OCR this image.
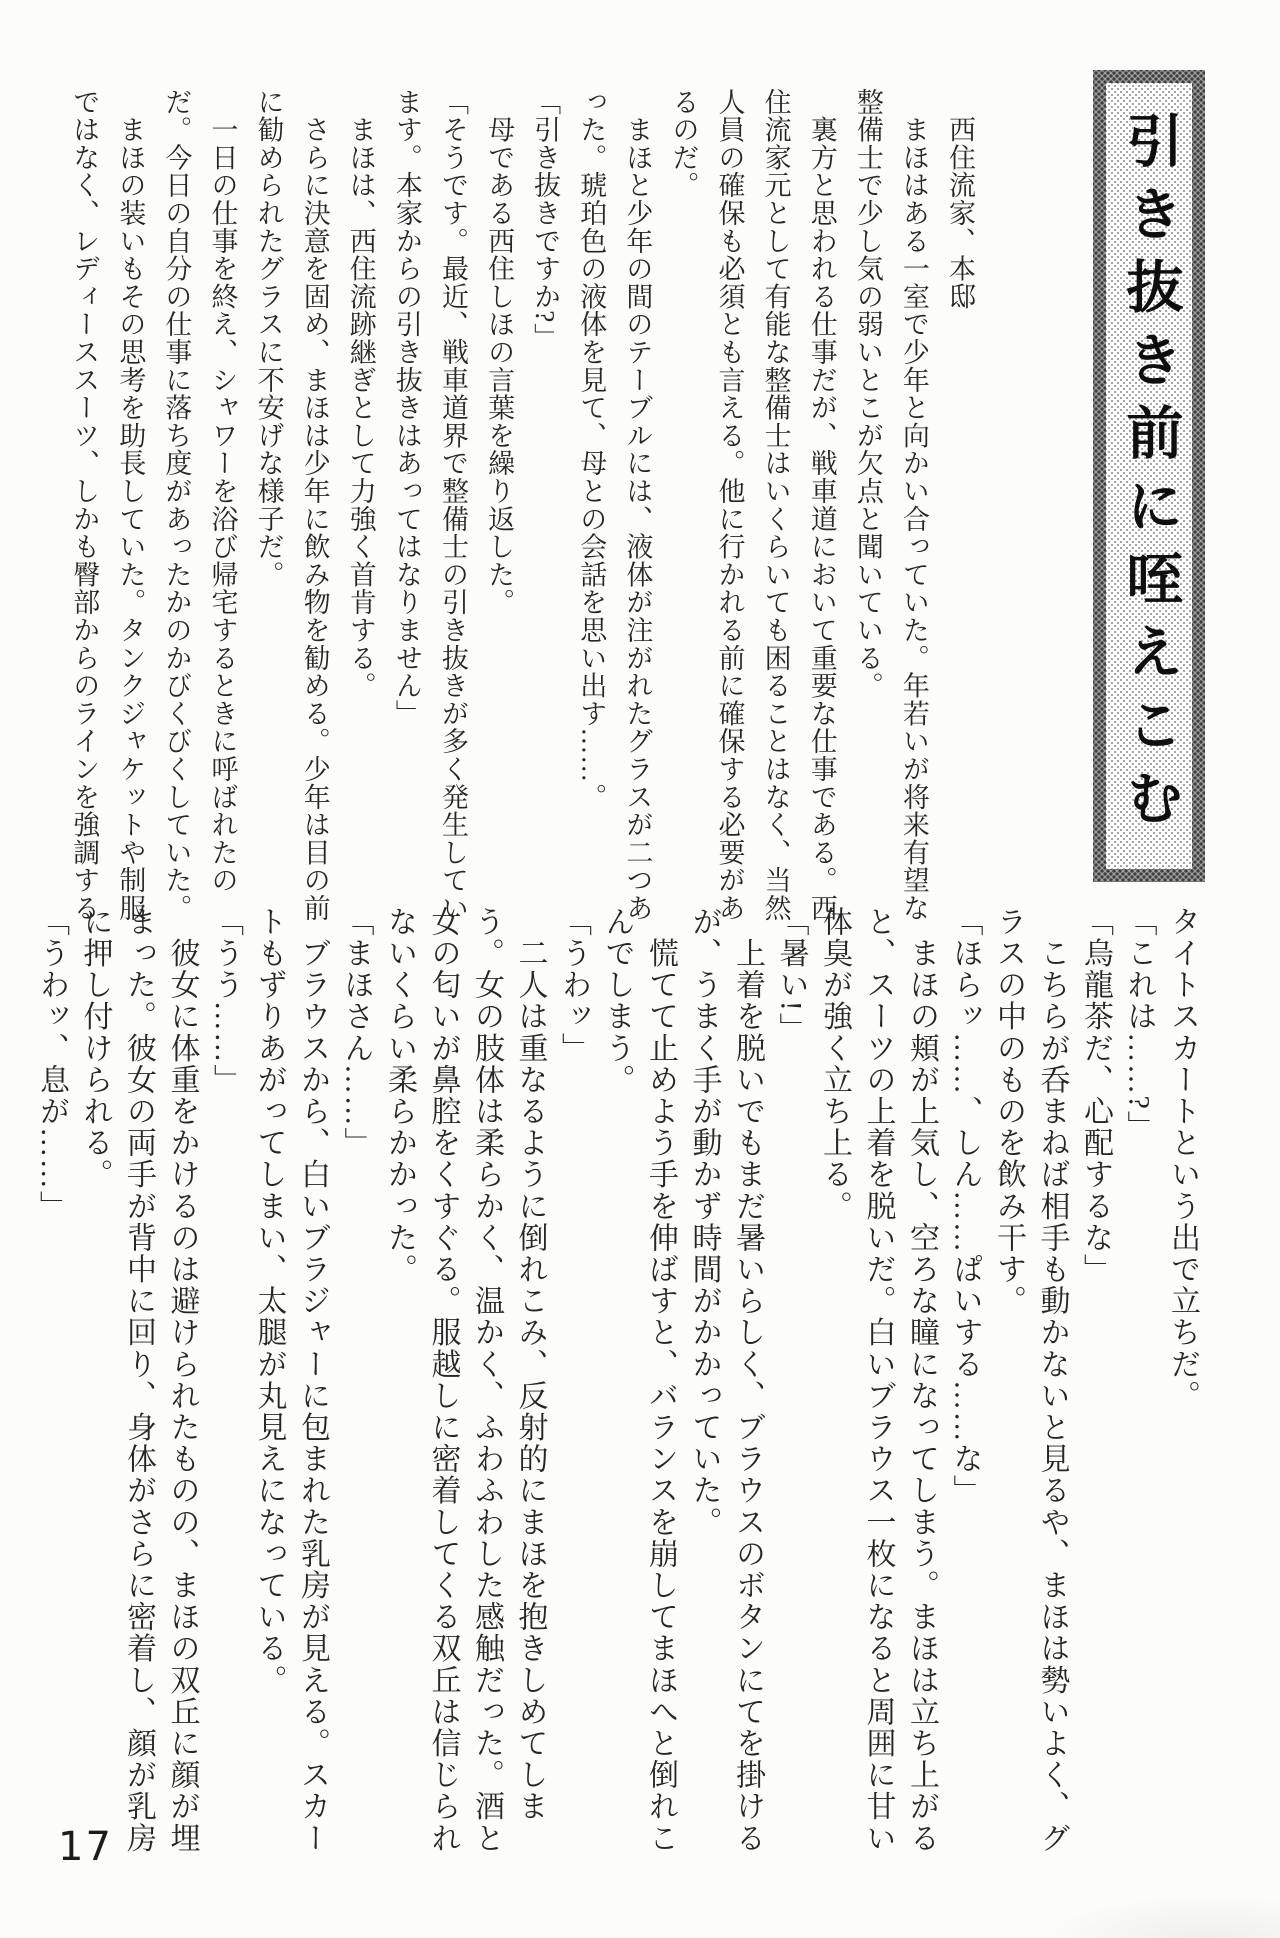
引き抜き前に咥えこむ
　西住流家、本邸
　まほはある一室で少年と向かい合っていた。年若いが将来有望な
整備士で少し気の弱いとこが欠点と聞いている。
　裏方と思われる仕事だが、戦車道において重要な仕事である。西
住流家元として有能な整備士はいくらいても困ることはなく、当然
人員の確保も必須とも言える。他に行かれる前に確保する必要があ
るのだ。
　まほと少年の間のテーブルには、液体が注がれたグラスが二つあ
った。琥珀色の液体を見て、母との会話を思い出す……。
「引き抜きですか?」
　母である西住しほの言葉を繰り返した。
「そうです。最近、戦車道界で整備士の引き抜きが多く発生してい
ます。本家からの引き抜きはあってはなりません」
　まほは、西住流跡継ぎとして力強く首肯する。
　さらに決意を固め、まほは少年に飲み物を勧める。少年は目の前
に勧められたグラスに不安げな様子だ。
　一日の仕事を終え、シャワーを浴び帰宅するときに呼ばれたの
だ。今日の自分の仕事に落ち度があったかのかびくびくしていた。
　まほの装いもその思考を助長していた。タンクジャケットや制服
ではなく、レディーススーツ、しかも臀部からのラインを強調する
タイトスカートという出で立ちだ。
「これは……?」
「烏龍茶だ、心配するな」
　こちらが呑まねば相手も動かないと見るや、まほは勢いよく、グ
ラスの中のものを飲み干す。
「ほらッ……、しん……ぱいする……な」
　まほの頬が上気し、空ろな瞳になってしまう。まほは立ち上がる
と、スーツの上着を脱いだ。白いブラウス一枚になると周囲に甘い
体臭が強く立ち上る。
「暑い!」
　上着を脱いでもまだ暑いらしく、ブラウスのボタンにてを掛ける
が、うまく手が動かず時間がかかっていた。
　慌てて止めよう手を伸ばすと、バランスを崩してまほへと倒れこ
んでしまう。
「うわッ」
　二人は重なるように倒れこみ、反射的にまほを抱きしめてしま
う。女の肢体は柔らかく、温かく、ふわふわした感触だった。酒と
女の匂いが鼻腔をくすぐる。服越しに密着してくる双丘は信じられ
ないくらい柔らかかった。
「まほさん……」
　ブラウスから、白いブラジャーに包まれた乳房が見える。スカー
トもずりあがってしまい、太腿が丸見えになっている。
「うう……」
　彼女に体重をかけるのは避けられたものの、まほの双丘に顔が埋
まった。彼女の両手が背中に回り、身体がさらに密着し、顔が乳房
に押し付けられる。
「うわッ、息が……」
17
